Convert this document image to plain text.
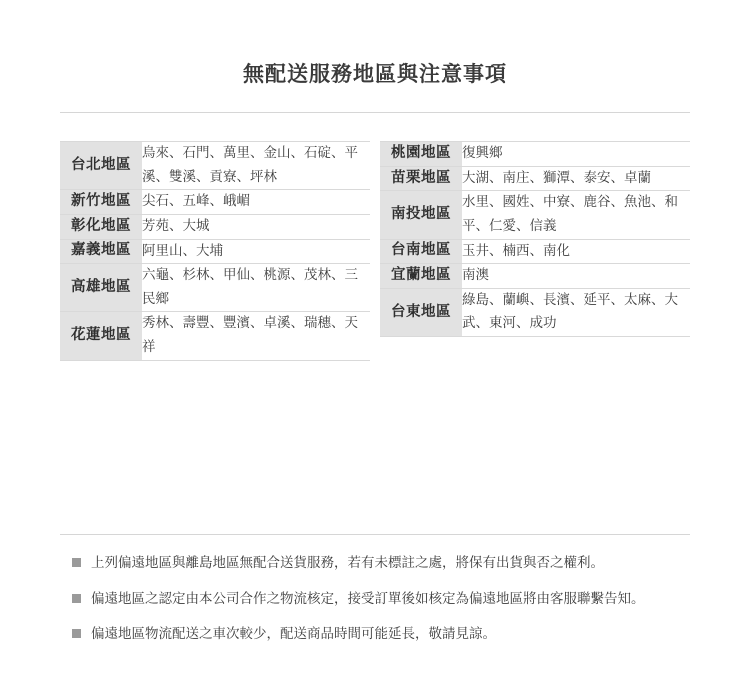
無配送服務地區與注意事項
台北地區	烏來、石門、萬里、金山、石碇、平溪、雙溪、貢寮、坪林
新竹地區	尖石、五峰、峨嵋
彰化地區	芳苑、大城
嘉義地區	阿里山、大埔
高雄地區	六龜、杉林、甲仙、桃源、茂林、三民鄉
花蓮地區	秀林、壽豐、豐濱、卓溪、瑞穗、天祥
桃園地區	復興鄉
苗栗地區	大湖、南庄、獅潭、泰安、卓蘭
南投地區	水里、國姓、中寮、鹿谷、魚池、和平、仁愛、信義
台南地區	玉井、楠西、南化
宜蘭地區	南澳
台東地區	綠島、蘭嶼、長濱、延平、太麻、大武、東河、成功
上列偏遠地區與離島地區無配合送貨服務，若有未標註之處，將保有出貨與否之權利。
偏遠地區之認定由本公司合作之物流核定，接受訂單後如核定為偏遠地區將由客服聯繫告知。
偏遠地區物流配送之車次較少，配送商品時間可能延長，敬請見諒。
